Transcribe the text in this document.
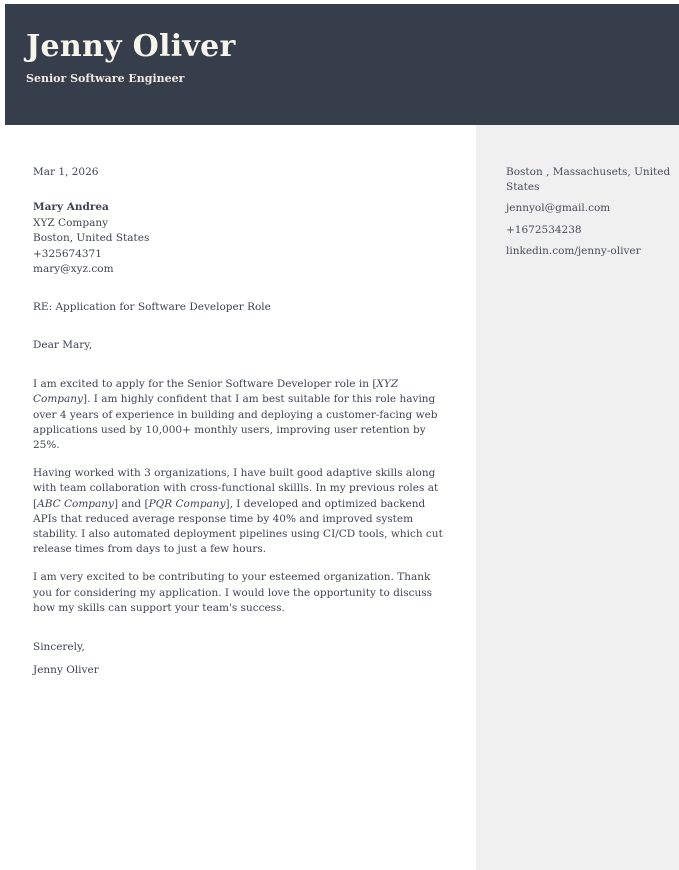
Jenny Oliver
Senior Software Engineer
Mar 1, 2026
Mary Andrea
XYZ Company
Boston, United States
+325674371
mary@xyz.com
RE: Application for Software Developer Role
Dear Mary,

I am excited to apply for the Senior Software Developer role in [XYZ Company]. I am highly confident that I am best suitable for this role having over 4 years of experience in building and deploying a customer-facing web applications used by 10,000+ monthly users, improving user retention by 25%.

Having worked with 3 organizations, I have built good adaptive skills along with team collaboration with cross-functional skillls. In my previous roles at [ABC Company] and [PQR Company], I developed and optimized backend APIs that reduced average response time by 40% and improved system stability. I also automated deployment pipelines using CI/CD tools, which cut release times from days to just a few hours.

I am very excited to be contributing to your esteemed organization. Thank you for considering my application. I would love the opportunity to discuss how my skills can support your team's success.

Sincerely,
Jenny Oliver
Boston , Massachusets, United States
jennyol@gmail.com
+1672534238
linkedin.com/jenny-oliver
